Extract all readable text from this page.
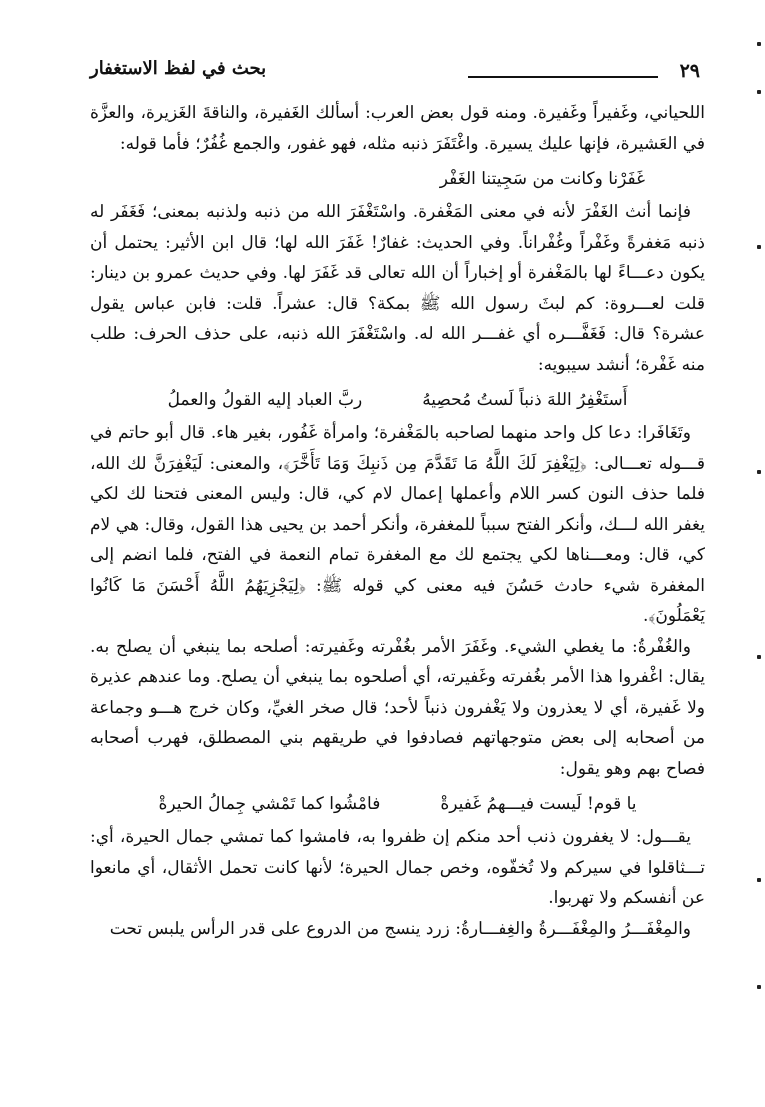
٢٩
بحث في لفظ الاستغفار

اللحياني، وغَفيراً وغَفيرة. ومنه قول بعض العرب: أسألك الغَفيرة، والناقةَ الغَزيرة، والعزَّة في العَشيرة، فإنها عليك يسيرة. واغْتَفَرَ ذنبه مثله، فهو غفور، والجمع غُفُرٌ؛ فأما قوله:

غَفَرْنا وكانت من سَجِيتنا الغَفْر

فإنما أنث الغَفْرَ لأنه في معنى المَغْفرة. واسْتَغْفَرَ الله من ذنبه ولذنبه بمعنى؛ فَغَفَر له ذنبه مَغفرةً وغَفْراً وغُفْراناً. وفي الحديث: غفارٌ! غَفَرَ الله لها؛ قال ابن الأثير: يحتمل أن يكون دعـــاءً لها بالمَغْفرة أو إخباراً أن الله تعالى قد غَفَرَ لها. وفي حديث عمرو بن دينار: قلت لعـــروة: كم لبثَ رسول الله ﷺ بمكة؟ قال: عشراً. قلت: فابن عباس يقول عشرة؟ قال: فَغَفَّـــره أي غفـــر الله له. واسْتَغْفَرَ الله ذنبه، على حذف الحرف: طلب منه غَفْرة؛ أنشد سيبويه:

أَستَغْفِرُ اللهَ ذنباً لَستُ مُحصِيهُ
ربَّ العباد إليه القولُ والعملُ

وتَغَافَرا: دعا كل واحد منهما لصاحبه بالمَغْفرة؛ وامرأة غَفُور، بغير هاء. قال أبو حاتم في قـــوله تعـــالى: ﴿لِيَغْفِرَ لَكَ اللَّهُ مَا تَقَدَّمَ مِن ذَنبِكَ وَمَا تَأَخَّرَ﴾، والمعنى: لَيَغْفِرَنَّ لك الله، فلما حذف النون كسر اللام وأعملها إعمال لام كي، قال: وليس المعنى فتحنا لك لكي يغفر الله لـــك، وأنكر الفتح سبباً للمغفرة، وأنكر أحمد بن يحيى هذا القول، وقال: هي لام كي، قال: ومعـــناها لكي يجتمع لك مع المغفرة تمام النعمة في الفتح، فلما انضم إلى المغفرة شيء حادث حَسُنَ فيه معنى كي قوله ﷺ: ﴿لِيَجْزِيَهُمُ اللَّهُ أَحْسَنَ مَا كَانُوا يَعْمَلُونَ﴾.

والغُفْرةُ: ما يغطي الشيء. وغَفَرَ الأمر بغُفْرته وغَفيرته: أصلحه بما ينبغي أن يصلح به. يقال: اغْفروا هذا الأمر بغُفرته وغَفيرته، أي أصلحوه بما ينبغي أن يصلح. وما عندهم عذيرة ولا غَفيرة، أي لا يعذرون ولا يَغْفرون ذنباً لأحد؛ قال صخر الغيِّ، وكان خرج هـــو وجماعة من أصحابه إلى بعض متوجهاتهم فصادفوا في طريقهم بني المصطلق، فهرب أصحابه فصاح بهم وهو يقول:

يا قوم! لَيست فيـــهمُ غَفيرةْ
فامْشُوا كما تَمْشي جِمالُ الحيرةْ

يقـــول: لا يغفرون ذنب أحد منكم إن ظفروا به، فامشوا كما تمشي جمال الحيرة، أي: تـــثاقلوا في سيركم ولا تُخفّوه، وخص جمال الحيرة؛ لأنها كانت تحمل الأثقال، أي مانعوا عن أنفسكم ولا تهربوا.

والمِغْفَـــرُ والمِغْفَـــرةُ والغِفـــارةُ: زرد ينسج من الدروع على قدر الرأس يلبس تحت
